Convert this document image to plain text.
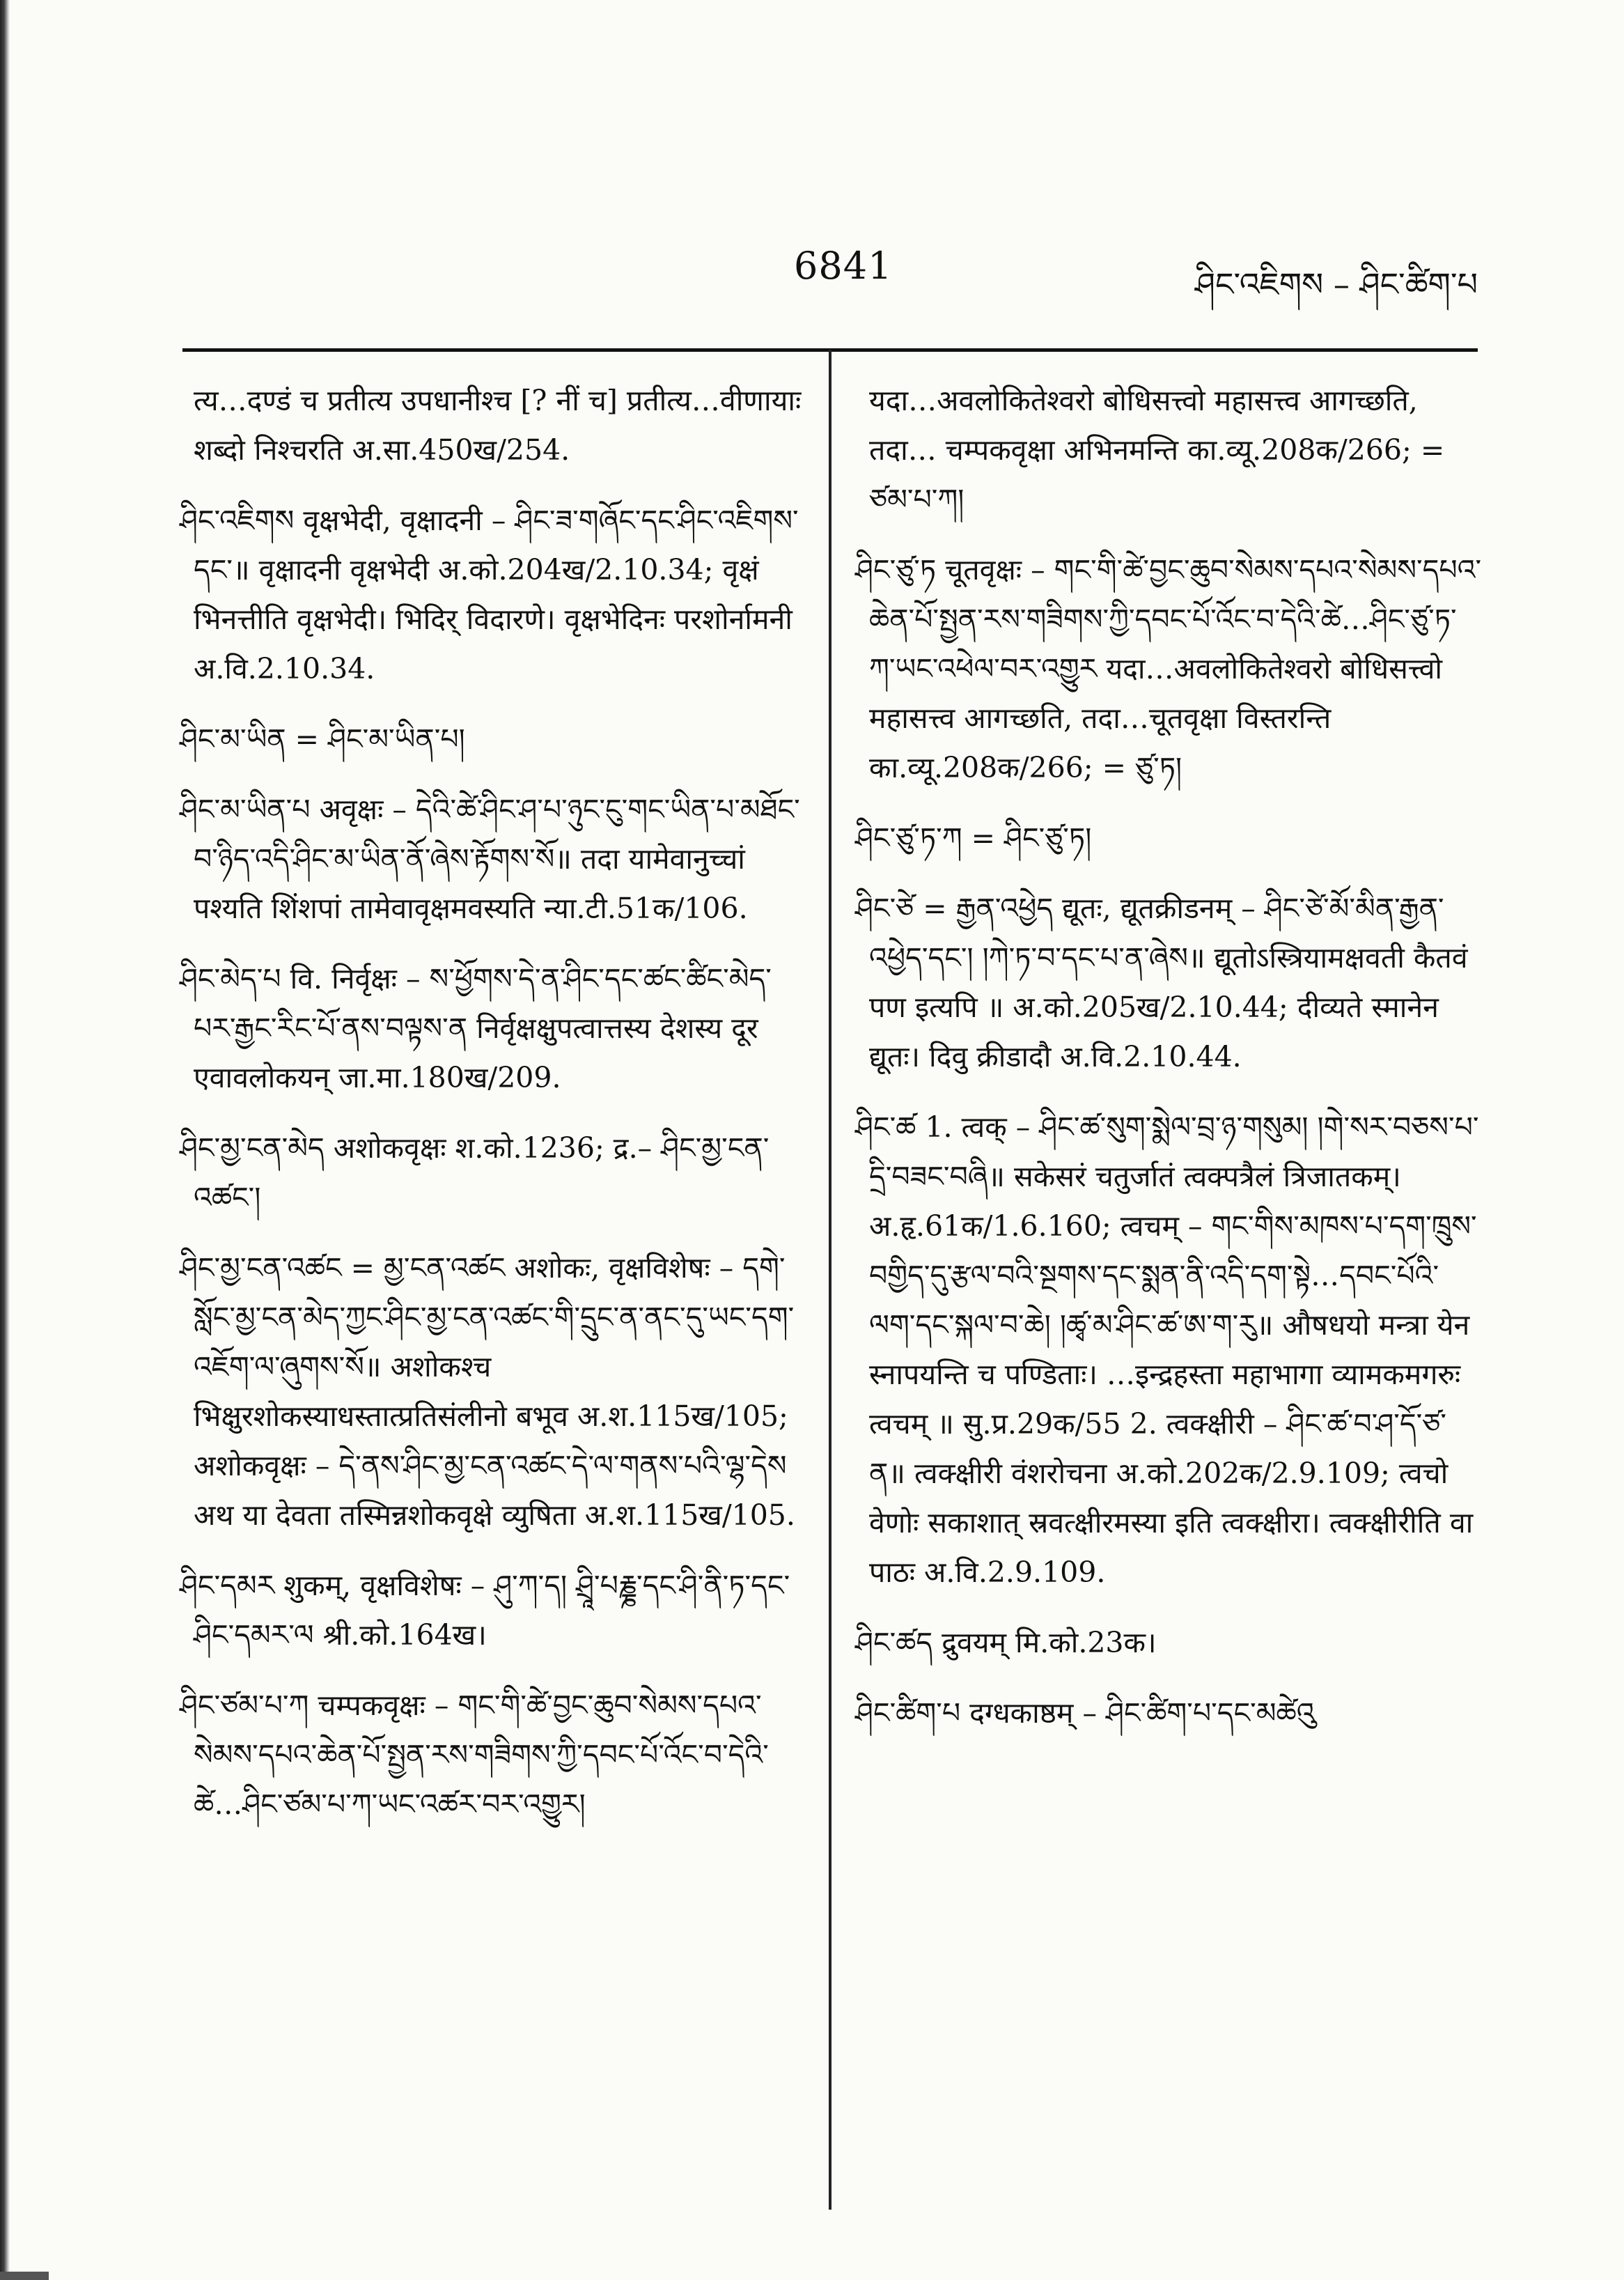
6841	ཤིང་འཇིགས – ཤིང་ཚིག་པ

त्य…दण्डं च प्रतीत्य उपधानीश्च [? नीं च] प्रतीत्य…वीणायाः शब्दो निश्चरति अ.सा.450ख/254.

ཤིང་འཇིགས वृक्षभेदी, वृक्षादनी – ཤིང་ཟ་གཞོང་དང་ཤིང་འཇིགས་དང་॥ वृक्षादनी वृक्षभेदी अ.को.204ख/2.10.34; वृक्षं भिनत्तीति वृक्षभेदी। भिदिर् विदारणे। वृक्षभेदिनः परशोर्नामनी अ.वि.2.10.34.

ཤིང་མ་ཡིན = ཤིང་མ་ཡིན་པ།

ཤིང་མ་ཡིན་པ अवृक्षः – དེའི་ཚེ་ཤིང་ཤ་པ་ཉུང་ངུ་གང་ཡིན་པ་མཐོང་བ་ཉིད་འདི་ཤིང་མ་ཡིན་ནོ་ཞེས་རྟོགས་སོ॥ तदा यामेवानुच्चां पश्यति शिंशपां तामेवावृक्षमवस्यति न्या.टी.51क/106.

ཤིང་མེད་པ वि. निर्वृक्षः – ས་ཕྱོགས་དེ་ན་ཤིང་དང་ཚང་ཚིང་མེད་པར་རྒྱང་རིང་པོ་ནས་བལྟས་ན निर्वृक्षक्षुपत्वात्तस्य देशस्य दूर एवावलोकयन् जा.मा.180ख/209.

ཤིང་མྱ་ངན་མེད अशोकवृक्षः श.को.1236; द्र.– ཤིང་མྱ་ངན་འཚང་།

ཤིང་མྱ་ངན་འཚང = མྱ་ངན་འཚང अशोकः, वृक्षविशेषः – དགེ་སློང་མྱ་ངན་མེད་ཀྱང་ཤིང་མྱ་ངན་འཚང་གི་དྲུང་ན་ནང་དུ་ཡང་དག་འཇོག་ལ་ཞུགས་སོ॥ अशोकश्च भिक्षुरशोकस्याधस्तात्प्रतिसंलीनो बभूव अ.श.115ख/105; अशोकवृक्षः – དེ་ནས་ཤིང་མྱ་ངན་འཚང་དེ་ལ་གནས་པའི་ལྷ་དེས अथ या देवता तस्मिन्नशोकवृक्षे व्युषिता अ.श.115ख/105.

ཤིང་དམར शुकम्, वृक्षविशेषः – ཤུ་ཀ་ད། ཤྲཱི་པརྞྞ་དང་ཤི་ནི་ཏ་དང་ཤིང་དམར་ལ श्री.को.164ख।

ཤིང་ཙམ་པ་ཀ चम्पकवृक्षः – གང་གི་ཚེ་བྱང་ཆུབ་སེམས་དཔའ་སེམས་དཔའ་ཆེན་པོ་སྤྱན་རས་གཟིགས་ཀྱི་དབང་པོ་འོང་བ་དེའི་ཚེ…ཤིང་ཙམ་པ་ཀ་ཡང་འཚར་བར་འགྱུར།

यदा…अवलोकितेश्वरो बोधिसत्त्वो महासत्त्व आगच्छति, तदा… चम्पकवृक्षा अभिनमन्ति का.व्यू.208क/266; = ཙམ་པ་ཀ།

ཤིང་ཙུ་ཏ चूतवृक्षः – གང་གི་ཚེ་བྱང་ཆུབ་སེམས་དཔའ་སེམས་དཔའ་ཆེན་པོ་སྤྱན་རས་གཟིགས་ཀྱི་དབང་པོ་འོང་བ་དེའི་ཚེ…ཤིང་ཙུ་ཏ་ཀ་ཡང་འཕེལ་བར་འགྱུར यदा…अवलोकितेश्वरो बोधिसत्त्वो महासत्त्व आगच्छति, तदा…चूतवृक्षा विस्तरन्ति का.व्यू.208क/266; = ཙུ་ཏ།

ཤིང་ཙུ་ཏ་ཀ = ཤིང་ཙུ་ཏ།

ཤིང་ཙེ = རྒྱན་འཕྱེད द्यूतः, द्यूतक्रीडनम् – ཤིང་ཙེ་མོ་མིན་རྒྱན་འཕྱེད་དང་། །ཀེ་ཏ་བ་དང་པ་ན་ཞེས॥ द्यूतोऽस्त्रियामक्षवती कैतवं पण इत्यपि ॥ अ.को.205ख/2.10.44; दीव्यते स्मानेन द्यूतः। दिवु क्रीडादौ अ.वि.2.10.44.

ཤིང་ཚ 1. त्वक् – ཤིང་ཚ་སུག་སྨེལ་བྲ་ཉ་གསུམ། །གེ་སར་བཅས་པ་དྲི་བཟང་བཞི॥ सकेसरं चतुर्जातं त्वक्पत्रैलं त्रिजातकम्। अ.हृ.61क/1.6.160; त्वचम् – གང་གིས་མཁས་པ་དག་ཁྲུས་བགྱིད་དུ་རྩལ་བའི་སྔགས་དང་སྨན་ནི་འདི་དག་སྟེ…དབང་པོའི་ལག་དང་སྐལ་བ་ཆེ། །ཚྭ་མ་ཤིང་ཚ་ཨ་ག་རུ॥ औषधयो मन्त्रा येन स्नापयन्ति च पण्डिताः। …इन्द्रहस्ता महाभागा व्यामकमगरुः त्वचम् ॥ सु.प्र.29क/55 2. त्वक्क्षीरी – ཤིང་ཚ་བ་ཤ་དོ་ཙ་ན॥ त्वक्क्षीरी वंशरोचना अ.को.202क/2.9.109; त्वचो वेणोः सकाशात् स्रवत्क्षीरमस्या इति त्वक्क्षीरा। त्वक्क्षीरीति वा पाठः अ.वि.2.9.109.

ཤིང་ཚད द्रुवयम् मि.को.23क।

ཤིང་ཚིག་པ दग्धकाष्ठम् – ཤིང་ཚིག་པ་དང་མཚེའུ
